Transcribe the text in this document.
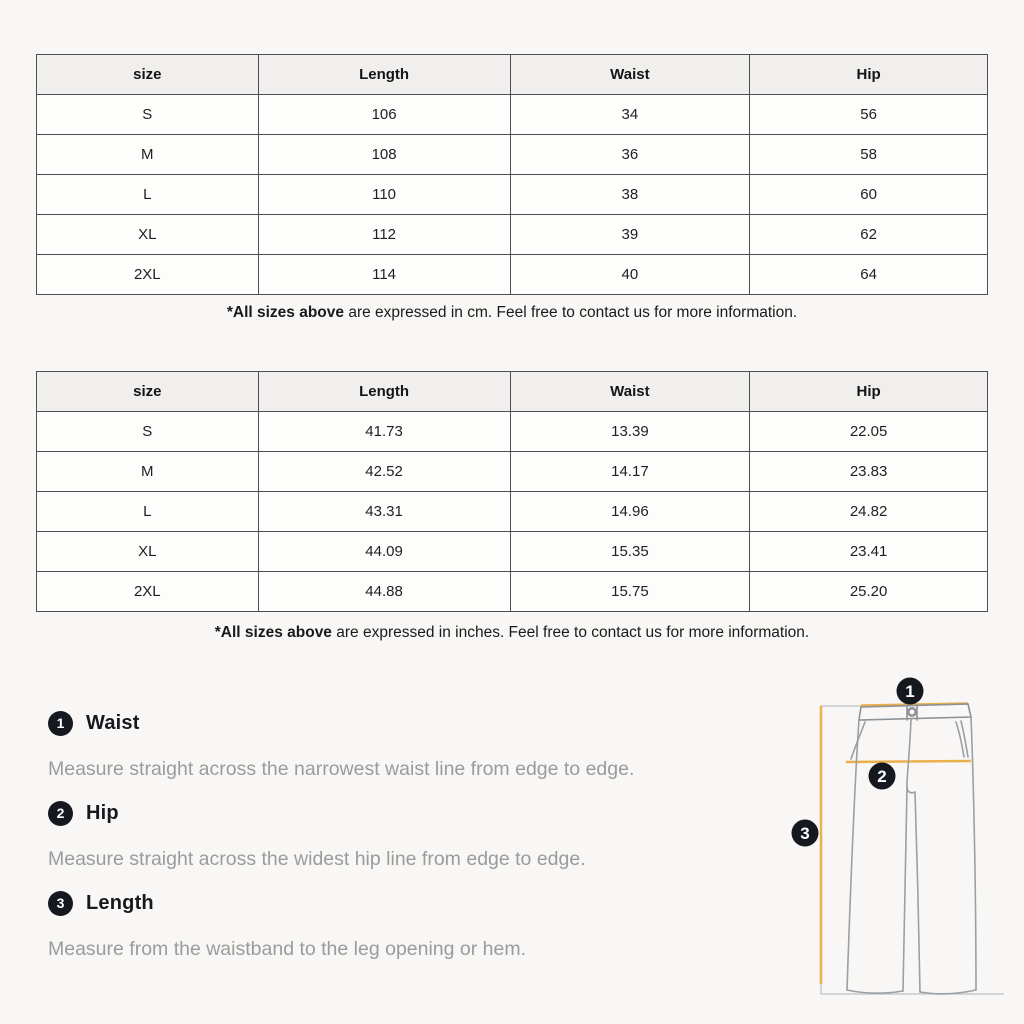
size	Length	Waist	Hip
S	106	34	56
M	108	36	58
L	110	38	60
XL	112	39	62
2XL	114	40	64

*All sizes above are expressed in cm. Feel free to contact us for more information.

size	Length	Waist	Hip
S	41.73	13.39	22.05
M	42.52	14.17	23.83
L	43.31	14.96	24.82
XL	44.09	15.35	23.41
2XL	44.88	15.75	25.20

*All sizes above are expressed in inches. Feel free to contact us for more information.

1	Waist

Measure straight across the narrowest waist line from edge to edge.

2	Hip

Measure straight across the widest hip line from edge to edge.

3	Length

Measure from the waistband to the leg opening or hem.

1
2
3
